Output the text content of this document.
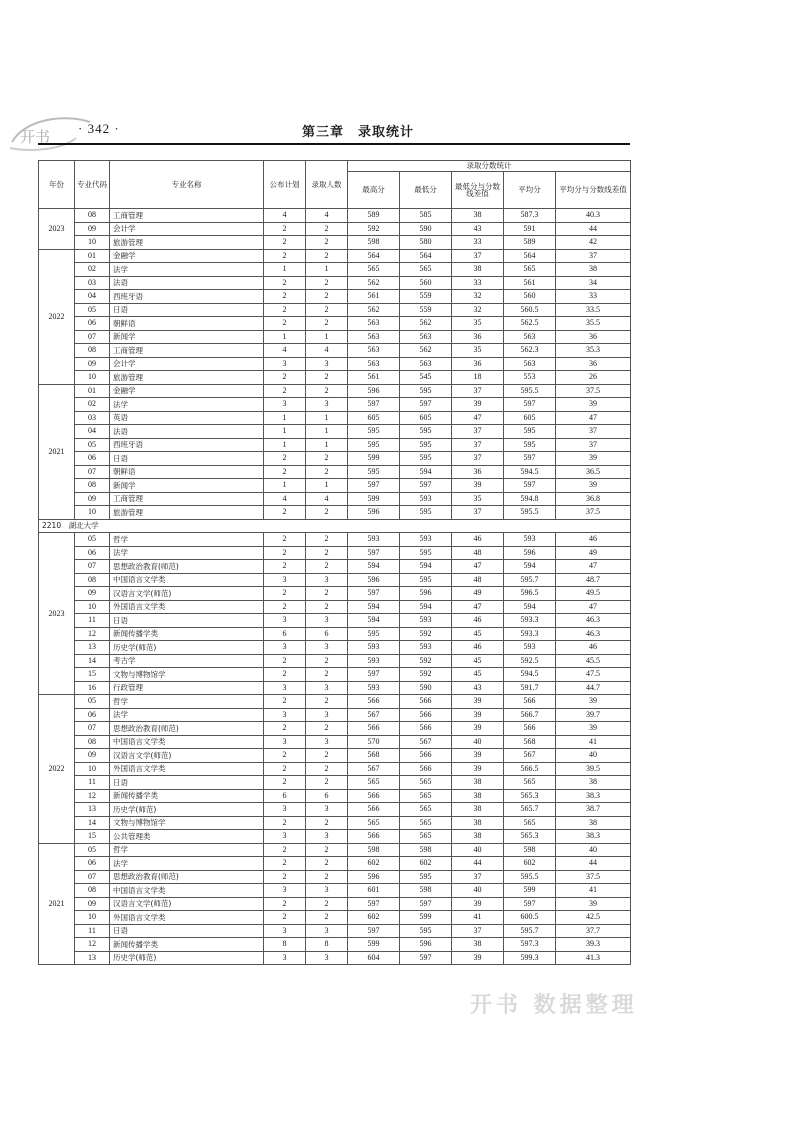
开书 · 342 ·	第三章　录取统计
年份	专业代码	专业名称	公布计划	录取人数	录取分数统计				
					最高分	最低分	最低分与分数线差值	平均分	平均分与分数线差值
2023	08	工商管理	4	4	589	585	38	587.3	40.3
	09	会计学	2	2	592	590	43	591	44
	10	旅游管理	2	2	598	580	33	589	42
2022	01	金融学	2	2	564	564	37	564	37
	02	法学	1	1	565	565	38	565	38
	03	法语	2	2	562	560	33	561	34
	04	西班牙语	2	2	561	559	32	560	33
	05	日语	2	2	562	559	32	560.5	33.5
	06	朝鲜语	2	2	563	562	35	562.5	35.5
	07	新闻学	1	1	563	563	36	563	36
	08	工商管理	4	4	563	562	35	562.3	35.3
	09	会计学	3	3	563	563	36	563	36
	10	旅游管理	2	2	561	545	18	553	26
2021	01	金融学	2	2	596	595	37	595.5	37.5
	02	法学	3	3	597	597	39	597	39
	03	英语	1	1	605	605	47	605	47
	04	法语	1	1	595	595	37	595	37
	05	西班牙语	1	1	595	595	37	595	37
	06	日语	2	2	599	595	37	597	39
	07	朝鲜语	2	2	595	594	36	594.5	36.5
	08	新闻学	1	1	597	597	39	597	39
	09	工商管理	4	4	599	593	35	594.8	36.8
	10	旅游管理	2	2	596	595	37	595.5	37.5
2210　湖北大学									
2023	05	哲学	2	2	593	593	46	593	46
	06	法学	2	2	597	595	48	596	49
	07	思想政治教育(师范)	2	2	594	594	47	594	47
	08	中国语言文学类	3	3	596	595	48	595.7	48.7
	09	汉语言文学(师范)	2	2	597	596	49	596.5	49.5
	10	外国语言文学类	2	2	594	594	47	594	47
	11	日语	3	3	594	593	46	593.3	46.3
	12	新闻传播学类	6	6	595	592	45	593.3	46.3
	13	历史学(师范)	3	3	593	593	46	593	46
	14	考古学	2	2	593	592	45	592.5	45.5
	15	文物与博物馆学	2	2	597	592	45	594.5	47.5
	16	行政管理	3	3	593	590	43	591.7	44.7
2022	05	哲学	2	2	566	566	39	566	39
	06	法学	3	3	567	566	39	566.7	39.7
	07	思想政治教育(师范)	2	2	566	566	39	566	39
	08	中国语言文学类	3	3	570	567	40	568	41
	09	汉语言文学(师范)	2	2	568	566	39	567	40
	10	外国语言文学类	2	2	567	566	39	566.5	39.5
	11	日语	2	2	565	565	38	565	38
	12	新闻传播学类	6	6	566	565	38	565.3	38.3
	13	历史学(师范)	3	3	566	565	38	565.7	38.7
	14	文物与博物馆学	2	2	565	565	38	565	38
	15	公共管理类	3	3	566	565	38	565.3	38.3
2021	05	哲学	2	2	598	598	40	598	40
	06	法学	2	2	602	602	44	602	44
	07	思想政治教育(师范)	2	2	596	595	37	595.5	37.5
	08	中国语言文学类	3	3	601	598	40	599	41
	09	汉语言文学(师范)	2	2	597	597	39	597	39
	10	外国语言文学类	2	2	602	599	41	600.5	42.5
	11	日语	3	3	597	595	37	595.7	37.7
	12	新闻传播学类	8	8	599	596	38	597.3	39.3
	13	历史学(师范)	3	3	604	597	39	599.3	41.3
开书 数据整理
